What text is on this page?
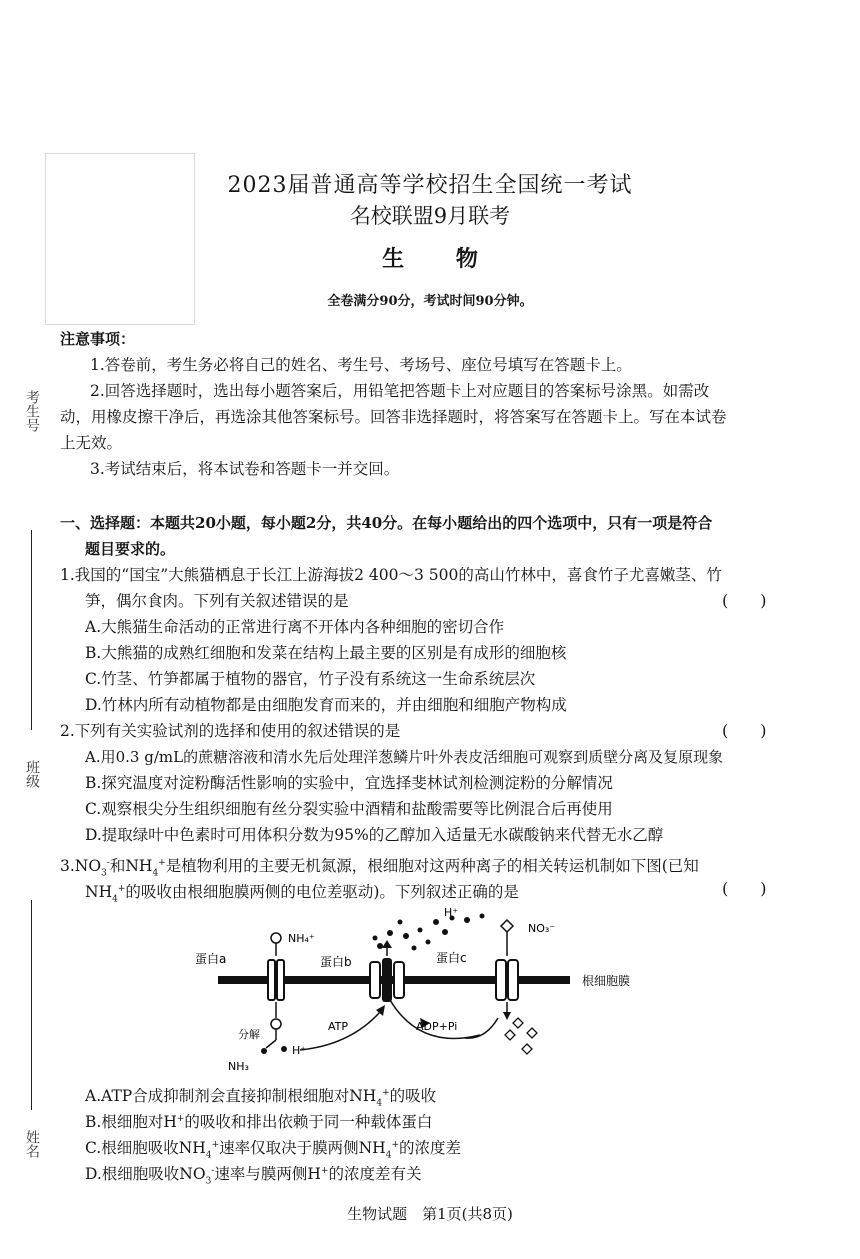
2023届普通高等学校招生全国统一考试
名校联盟9月联考
生 物
全卷满分90分，考试时间90分钟。
考生号
班级
姓名
注意事项：
1.答卷前，考生务必将自己的姓名、考生号、考场号、座位号填写在答题卡上。
2.回答选择题时，选出每小题答案后，用铅笔把答题卡上对应题目的答案标号涂黑。如需改
动，用橡皮擦干净后，再选涂其他答案标号。回答非选择题时，将答案写在答题卡上。写在本试卷
上无效。
3.考试结束后，将本试卷和答题卡一并交回。
一、选择题：本题共20小题，每小题2分，共40分。在每小题给出的四个选项中，只有一项是符合
题目要求的。
1.我国的“国宝”大熊猫栖息于长江上游海拔2 400～3 500的高山竹林中，喜食竹子尤喜嫩茎、竹
笋，偶尔食肉。下列有关叙述错误的是	(　　)
A.大熊猫生命活动的正常进行离不开体内各种细胞的密切合作
B.大熊猫的成熟红细胞和发菜在结构上最主要的区别是有成形的细胞核
C.竹茎、竹笋都属于植物的器官，竹子没有系统这一生命系统层次
D.竹林内所有动植物都是由细胞发育而来的，并由细胞和细胞产物构成
2.下列有关实验试剂的选择和使用的叙述错误的是	(　　)
A.用0.3 g/mL的蔗糖溶液和清水先后处理洋葱鳞片叶外表皮活细胞可观察到质壁分离及复原现象
B.探究温度对淀粉酶活性影响的实验中，宜选择斐林试剂检测淀粉的分解情况
C.观察根尖分生组织细胞有丝分裂实验中酒精和盐酸需要等比例混合后再使用
D.提取绿叶中色素时可用体积分数为95%的乙醇加入适量无水碳酸钠来代替无水乙醇
$3.NO_3^-$和$NH_4^+$是植物利用的主要无机氮源，根细胞对这两种离子的相关转运机制如下图(已知
$NH_4^+$的吸收由根细胞膜两侧的电位差驱动)。下列叙述正确的是	(　　)
蛋白a	蛋白b	蛋白c
根细胞膜
NH₄⁺
NO₃⁻
H⁺
H⁺
ATP	ADP+Pi
分解
NH₃
A.ATP合成抑制剂会直接抑制根细胞对$NH_4^+$的吸收
B.根细胞对H+的吸收和排出依赖于同一种载体蛋白
C.根细胞吸收$NH_4^+$速率仅取决于膜两侧$NH_4^+$的浓度差
D.根细胞吸收$NO_3^-$速率与膜两侧H+的浓度差有关
生物试题　第1页(共8页)
